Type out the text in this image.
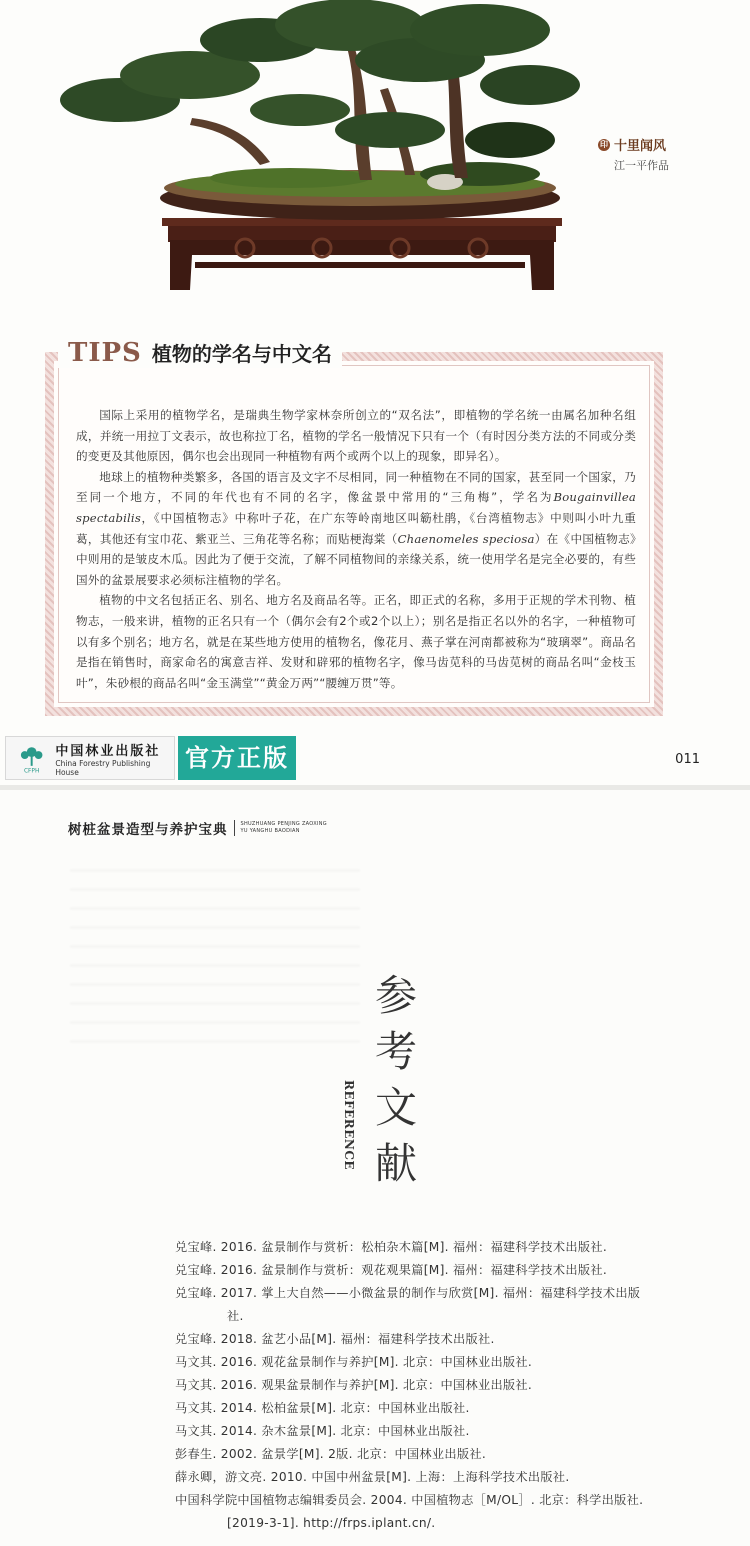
印 十里闻风
江一平作品
TIPS 植物的学名与中文名

国际上采用的植物学名，是瑞典生物学家林奈所创立的“双名法”，即植物的学名统一由属名加种名组成，并统一用拉丁文表示，故也称拉丁名，植物的学名一般情况下只有一个（有时因分类方法的不同或分类的变更及其他原因，偶尔也会出现同一种植物有两个或两个以上的现象，即异名）。

地球上的植物种类繁多，各国的语言及文字不尽相同，同一种植物在不同的国家，甚至同一个国家，乃至同一个地方，不同的年代也有不同的名字，像盆景中常用的“三角梅”，学名为Bougainvillea spectabilis，《中国植物志》中称叶子花，在广东等岭南地区叫簕杜鹃，《台湾植物志》中则叫小叶九重葛，其他还有宝巾花、紫亚兰、三角花等名称；而贴梗海棠（Chaenomeles speciosa）在《中国植物志》中则用的是皱皮木瓜。因此为了便于交流，了解不同植物间的亲缘关系，统一使用学名是完全必要的，有些国外的盆景展要求必须标注植物的学名。

植物的中文名包括正名、别名、地方名及商品名等。正名，即正式的名称，多用于正规的学术刊物、植物志，一般来讲，植物的正名只有一个（偶尔会有2个或2个以上）；别名是指正名以外的名字，一种植物可以有多个别名；地方名，就是在某些地方使用的植物名，像花月、燕子掌在河南都被称为“玻璃翠”。商品名是指在销售时，商家命名的寓意吉祥、发财和辟邪的植物名字，像马齿苋科的马齿苋树的商品名叫“金枝玉叶”，朱砂根的商品名叫“金玉满堂”“黄金万两”“腰缠万贯”等。

CFPH
中国林业出版社
China Forestry Publishing House	官方正版	011
树桩盆景造型与养护宝典	SHUZHUANG PENJING ZAOXING
YU YANGHU BAODIAN
参
考
文
献
REFERENCE
兑宝峰. 2016. 盆景制作与赏析：松柏杂木篇[M]. 福州：福建科学技术出版社.
兑宝峰. 2016. 盆景制作与赏析：观花观果篇[M]. 福州：福建科学技术出版社.
兑宝峰. 2017. 掌上大自然——小微盆景的制作与欣赏[M]. 福州：福建科学技术出版社.
兑宝峰. 2018. 盆艺小品[M]. 福州：福建科学技术出版社.
马文其. 2016. 观花盆景制作与养护[M]. 北京：中国林业出版社.
马文其. 2016. 观果盆景制作与养护[M]. 北京：中国林业出版社.
马文其. 2014. 松柏盆景[M]. 北京：中国林业出版社.
马文其. 2014. 杂木盆景[M]. 北京：中国林业出版社.
彭春生. 2002. 盆景学[M]. 2版. 北京：中国林业出版社.
薛永卿，游文亮. 2010. 中国中州盆景[M]. 上海：上海科学技术出版社.
中国科学院中国植物志编辑委员会. 2004. 中国植物志［M/OL］. 北京：科学出版社. [2019-3-1]. http://frps.iplant.cn/.
